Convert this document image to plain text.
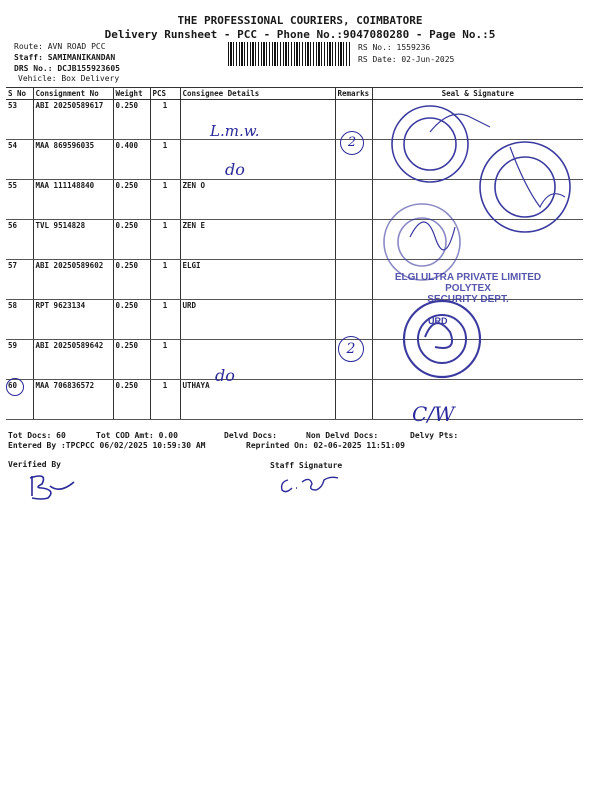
THE PROFESSIONAL COURIERS, COIMBATORE
Delivery Runsheet - PCC - Phone No.:9047080280 - Page No.:5
Route: AVN ROAD PCC
Staff: SAMIMANIKANDAN
DRS No.: DCJB155923605
Vehicle: Box Delivery
RS No.: 1559236
RS Date: 02-Jun-2025
S No	Consignment No	Weight	PCS	Consignee Details	Remarks	Seal & Signature
53	ABI 20250589617	0.250	1			
54	MAA 869596035	0.400	1			
55	MAA 111148840	0.250	1	ZEN O		
56	TVL 9514828	0.250	1	ZEN E		
57	ABI 20250589602	0.250	1	ELGI		
58	RPT 9623134	0.250	1	URD		
59	ABI 20250589642	0.250	1			
60	MAA 706836572	0.250	1	UTHAYA		
L.m.w.
do
do
2
2
ELGI ULTRA PRIVATE LIMITED
POLYTEX
SECURITY DEPT.
URD
C/W
Tot Docs: 60	Tot COD Amt: 0.00	Delvd Docs:	Non Delvd Docs:	Delvy Pts:
Entered By :TPCPCC 06/02/2025 10:59:30 AM	Reprinted On: 02-06-2025 11:51:09
Verified By	Staff Signature
